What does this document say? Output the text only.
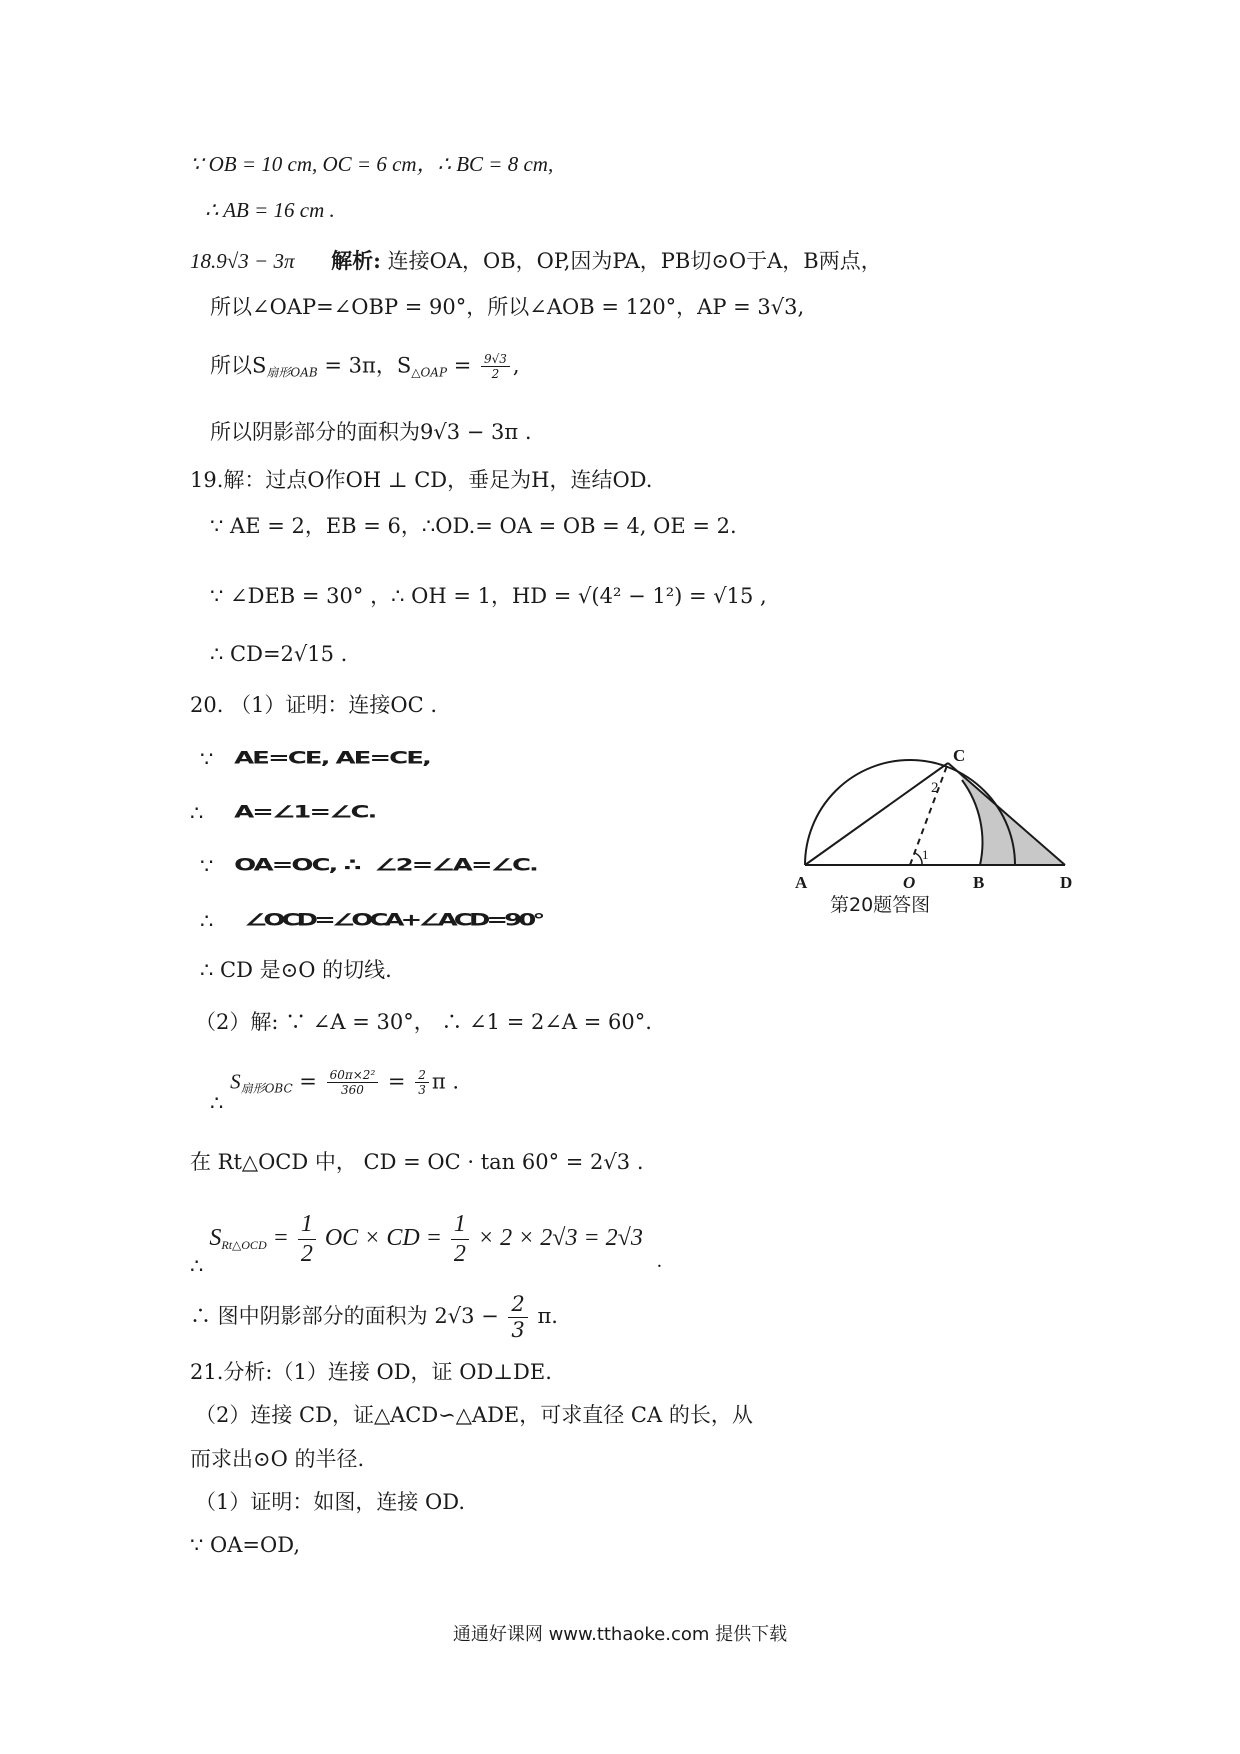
∵ OB = 10 cm, OC = 6 cm，∴ BC = 8 cm,
∴ AB = 16 cm .
18.9√3 − 3π 解析: 连接OA，OB，OP,因为PA，PB切⊙O于A，B两点，
所以∠OAP=∠OBP = 90°，所以∠AOB = 120°，AP = 3√3,
所以$S_{扇形OAB} = 3\pi$，$S_{\triangle OAP} = \frac{9√3}{2}$ ,
所以阴影部分的面积为9√3 − 3π .
19.解：过点O作OH ⊥ CD，垂足为H，连结OD.
∵ AE = 2，EB = 6，∴OD.= OA = OB = 4, OE = 2.
∵ ∠DEB = 30° ，∴ OH = 1，HD = √(4² − 1²) = √15 ,
∴ CD=2√15 .
20. （1）证明：连接OC .
∵ AE=CE, AE=CE,
∴ A=∠1=∠C.
∵ OA=OC, ∴ ∠2=∠A=∠C.
∴ ∠OCD=∠OCA+∠ACD=90°
∴ CD 是⊙O 的切线.
（2）解: ∵ ∠A = 30°， ∴ ∠1 = 2∠A = 60°.
∴ $S_{扇形OBC} = \frac{\text{60π×2²}}{360} = \frac{2}{3}$ π .
在 Rt△OCD 中， CD = OC · tan 60° = 2√3 .
∴ $S_{Rt\triangle OCD} = \frac{1}{2}$ OC × CD = $\frac{1}{2} \times 2 \times 2√3 = 2√3$ $_.$
∴ 图中阴影部分的面积为 $2√3 - \frac{2}{3} \pi$.
21.分析:（1）连接 OD，证 OD⊥DE.
（2）连接 CD，证△ACD∽△ADE，可求直径 CA 的长，从
而求出⊙O 的半径.
（1）证明：如图，连接 OD.
∵ OA=OD,
A	O	B	D
C
1
2
第20题答图
通通好课网 www.tthaoke.com 提供下载
